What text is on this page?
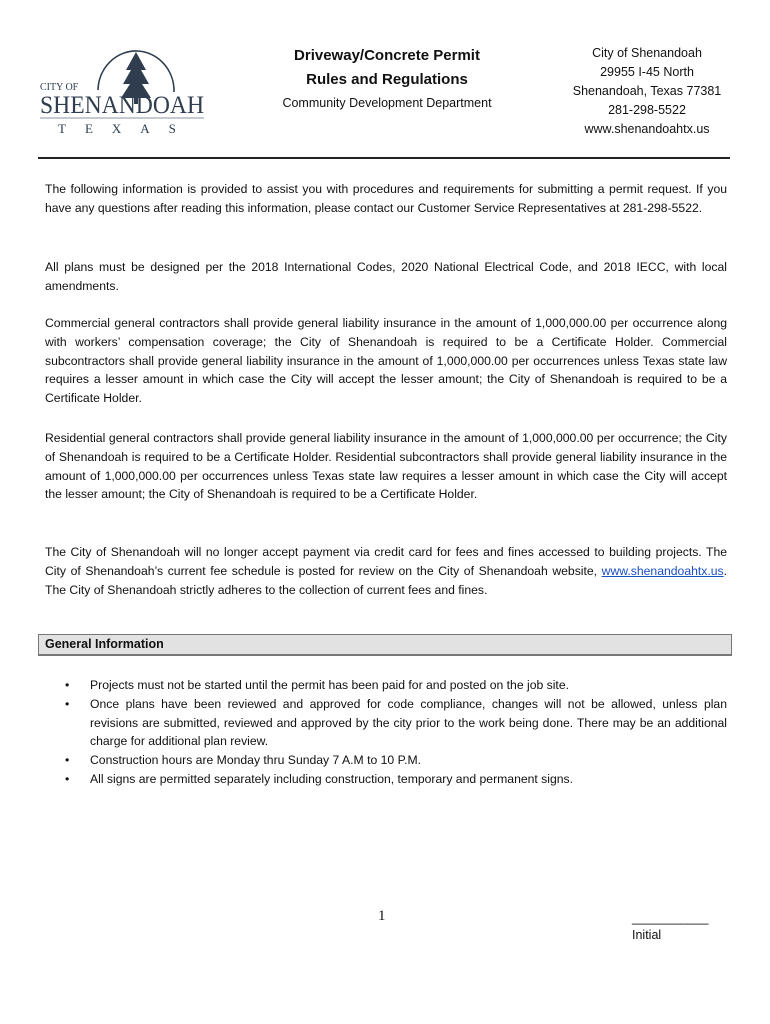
CITY OF
SHENANDOAH
TEXAS
Driveway/Concrete Permit
Rules and Regulations
Community Development Department
City of Shenandoah
29955 I-45 North
Shenandoah, Texas 77381
281-298-5522
www.shenandoahtx.us

The following information is provided to assist you with procedures and requirements for submitting a permit request. If you have any questions after reading this information, please contact our Customer Service Representatives at 281-298-5522.

All plans must be designed per the 2018 International Codes, 2020 National Electrical Code, and 2018 IECC, with local amendments.

Commercial general contractors shall provide general liability insurance in the amount of 1,000,000.00 per occurrence along with workers’ compensation coverage; the City of Shenandoah is required to be a Certificate Holder. Commercial subcontractors shall provide general liability insurance in the amount of 1,000,000.00 per occurrences unless Texas state law requires a lesser amount in which case the City will accept the lesser amount; the City of Shenandoah is required to be a Certificate Holder.

Residential general contractors shall provide general liability insurance in the amount of 1,000,000.00 per occurrence; the City of Shenandoah is required to be a Certificate Holder. Residential subcontractors shall provide general liability insurance in the amount of 1,000,000.00 per occurrences unless Texas state law requires a lesser amount in which case the City will accept the lesser amount; the City of Shenandoah is required to be a Certificate Holder.

The City of Shenandoah will no longer accept payment via credit card for fees and fines accessed to building projects. The City of Shenandoah’s current fee schedule is posted for review on the City of Shenandoah website, www.shenandoahtx.us. The City of Shenandoah strictly adheres to the collection of current fees and fines.

General Information
• Projects must not be started until the permit has been paid for and posted on the job site.
• Once plans have been reviewed and approved for code compliance, changes will not be allowed, unless plan revisions are submitted, reviewed and approved by the city prior to the work being done. There may be an additional charge for additional plan review.
• Construction hours are Monday thru Sunday 7 A.M to 10 P.M.
• All signs are permitted separately including construction, temporary and permanent signs.
1	___________
Initial
